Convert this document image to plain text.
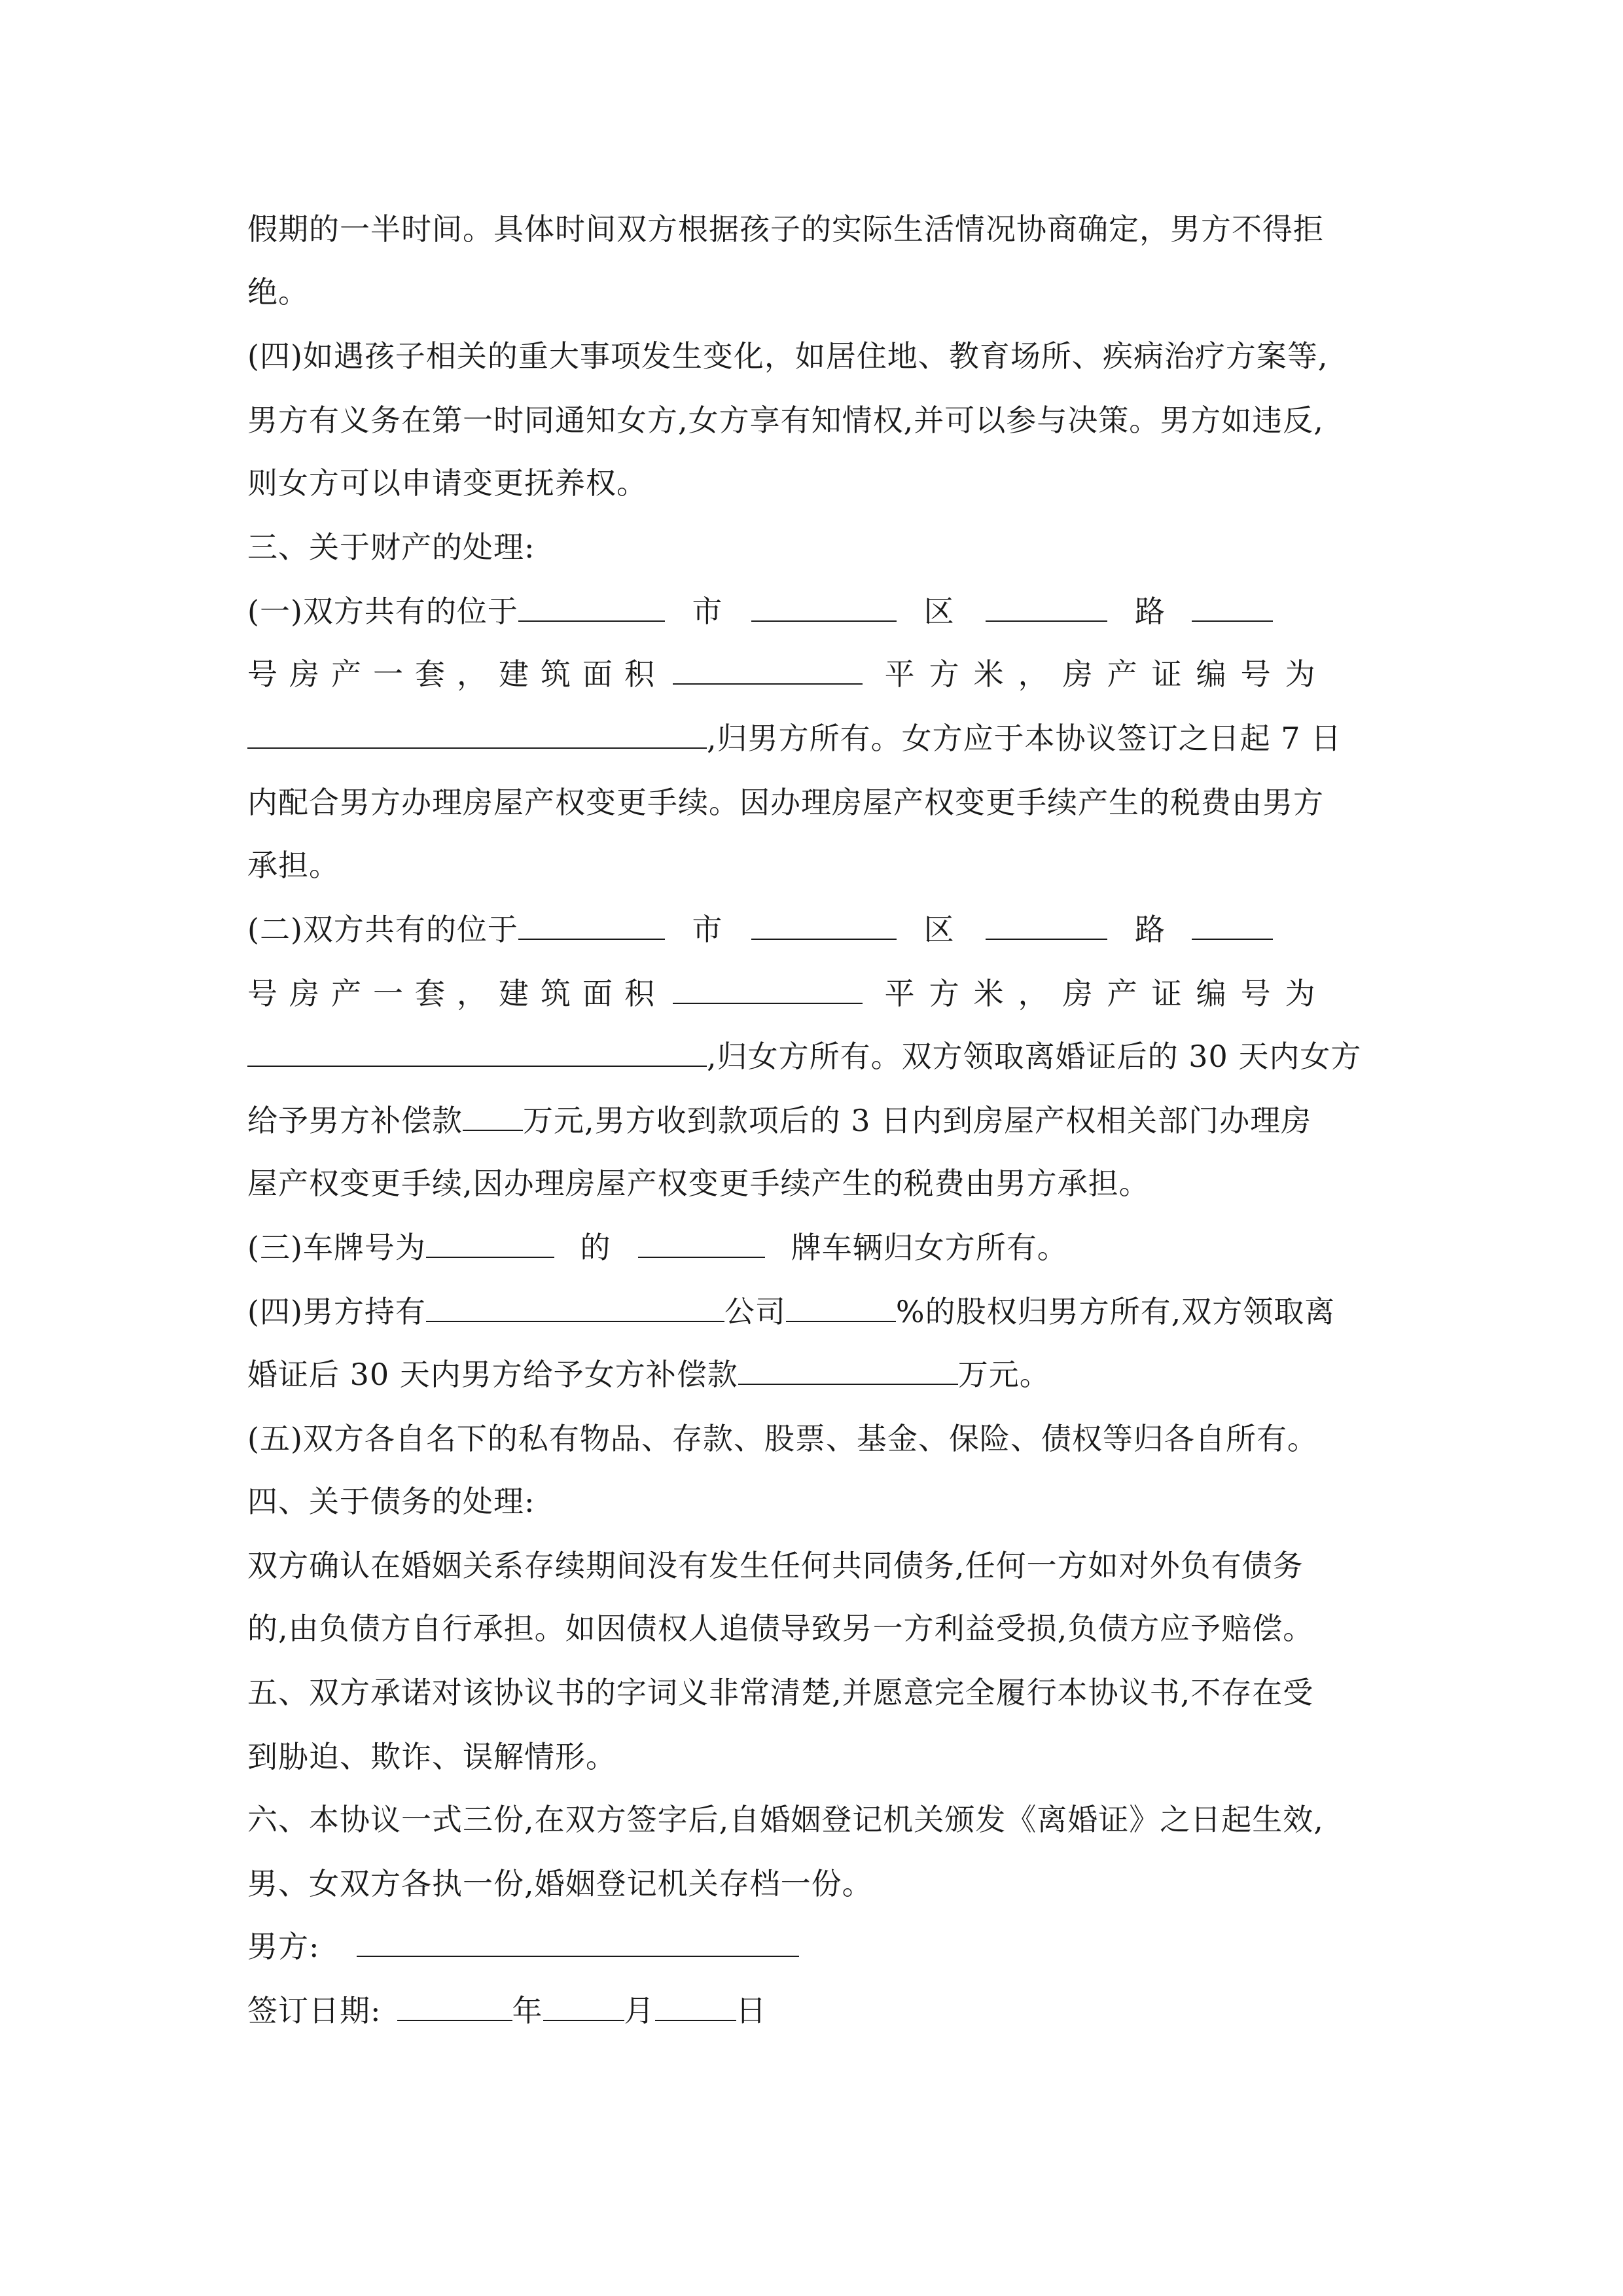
假期的一半时间。具体时间双方根据孩子的实际生活情况协商确定，男方不得拒
绝。
(四)如遇孩子相关的重大事项发生变化，如居住地、教育场所、疾病治疗方案等,
男方有义务在第一时同通知女方,女方享有知情权,并可以参与决策。男方如违反,
则女方可以申请变更抚养权。
三、关于财产的处理:
(一)双方共有的位于	市	区	路
号房产一套，建筑面积	平方米，房产证编号为
,归男方所有。女方应于本协议签订之日起 7 日
内配合男方办理房屋产权变更手续。因办理房屋产权变更手续产生的税费由男方
承担。
(二)双方共有的位于	市	区	路
号房产一套，建筑面积	平方米，房产证编号为
,归女方所有。双方领取离婚证后的 30 天内女方
给予男方补偿款 万元,男方收到款项后的 3 日内到房屋产权相关部门办理房
屋产权变更手续,因办理房屋产权变更手续产生的税费由男方承担。
(三)车牌号为	的	牌车辆归女方所有。
(四)男方持有	公司	%的股权归男方所有,双方领取离
婚证后 30 天内男方给予女方补偿款	万元。
(五)双方各自名下的私有物品、存款、股票、基金、保险、债权等归各自所有。
四、关于债务的处理:
双方确认在婚姻关系存续期间没有发生任何共同债务,任何一方如对外负有债务
的,由负债方自行承担。如因债权人追债导致另一方利益受损,负债方应予赔偿。
五、双方承诺对该协议书的字词义非常清楚,并愿意完全履行本协议书,不存在受
到胁迫、欺诈、误解情形。
六、本协议一式三份,在双方签字后,自婚姻登记机关颁发《离婚证》之日起生效,
男、女双方各执一份,婚姻登记机关存档一份。
男方:
签订日期:	年	月	日
